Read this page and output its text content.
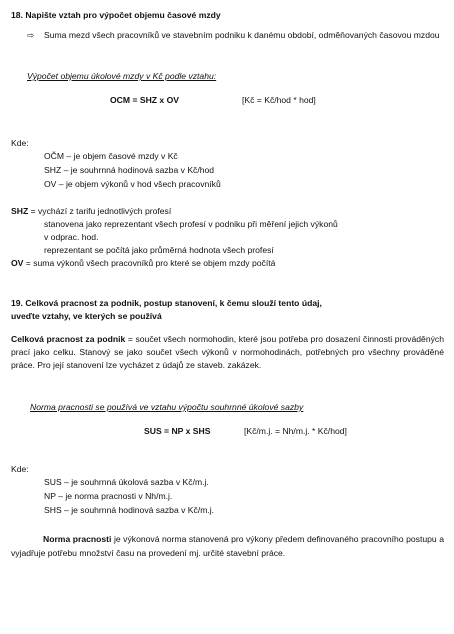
18. Napište vztah pro výpočet objemu časové mzdy
⇨	Suma mezd všech pracovníků ve stavebním podniku k danému období, odměňovaných časovou mzdou
Výpočet objemu úkolové mzdy v Kč podle vztahu:
OCM = SHZ x OV	[Kč = Kč/hod * hod]
Kde:
OČM – je objem časové mzdy v Kč
SHZ – je souhrnná hodinová sazba v Kč/hod
OV – je objem výkonů v hod všech pracovníků
SHZ = vychází z tarifu jednotlivých profesí
stanovena jako reprezentant všech profesí v podniku při měření jejich výkonů
v odprac. hod.
reprezentant se počítá jako průměrná hodnota všech profesí
OV = suma výkonů všech pracovníků pro které se objem mzdy počítá
19. Celková pracnost za podnik, postup stanovení, k čemu slouží tento údaj,
uveďte vztahy, ve kterých se používá
Celková pracnost za podnik = součet všech normohodin, které jsou potřeba pro dosazení činnosti prováděných prací jako celku. Stanový se jako součet všech výkonů v normohodinách, potřebných pro všechny prováděné práce. Pro její stanovení lze vycházet z údajů ze staveb. zakázek.
Norma pracnosti se používá ve vztahu výpočtu souhrnné úkolové sazby
SUS = NP x SHS	[Kč/m.j. = Nh/m.j. * Kč/hod]
Kde:
SUS – je souhrnná úkolová sazba v Kč/m.j.
NP – je norma pracnosti v Nh/m.j.
SHS – je souhrnná hodinová sazba v Kč/m.j.
Norma pracnosti je výkonová norma stanovená pro výkony předem definovaného pracovního postupu a vyjadřuje potřebu množství času na provedení mj. určité stavební práce.
